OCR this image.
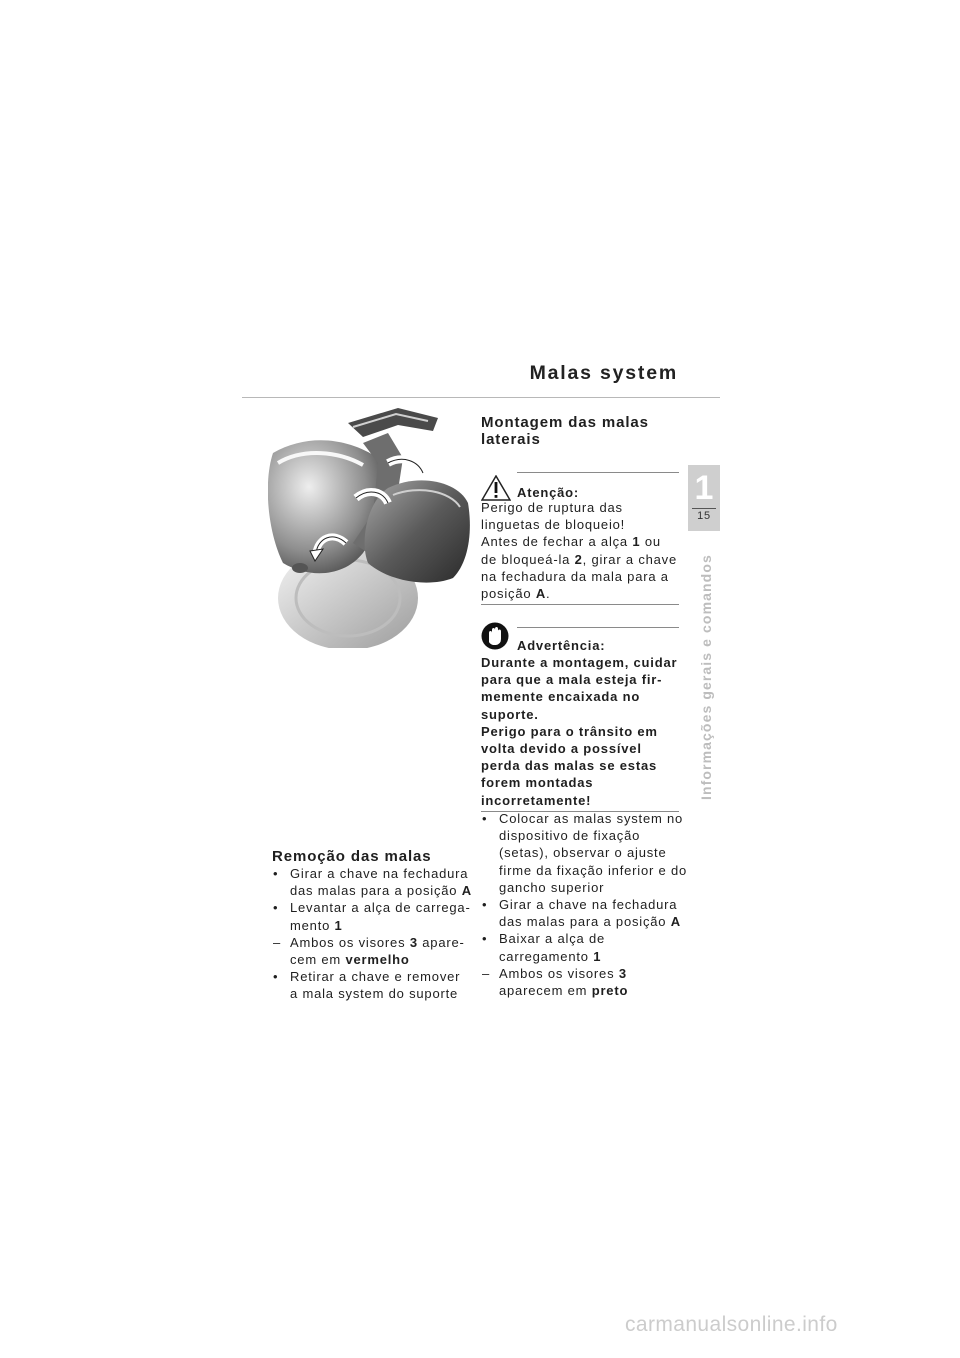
Malas system
Remoção das malas
• Girar a chave na fechadura das malas para a posição A
• Levantar a alça de carrega-mento 1
– Ambos os visores 3 apare-cem em vermelho
• Retirar a chave e remover a mala system do suporte
Montagem das malas laterais
Atenção:
Perigo de ruptura das linguetas de bloqueio!
Antes de fechar a alça 1 ou de bloqueá-la 2, girar a chave na fechadura da mala para a posição A.
Advertência:
Durante a montagem, cuidar para que a mala esteja fir-memente encaixada no suporte.
Perigo para o trânsito em volta devido a possível perda das malas se estas forem montadas incorretamente!
• Colocar as malas system no dispositivo de fixação (setas), observar o ajuste firme da fixação inferior e do gancho superior
• Girar a chave na fechadura das malas para a posição A
• Baixar a alça de carregamento 1
– Ambos os visores 3 aparecem em preto
1
15
Informações gerais e comandos
carmanualsonline.info
